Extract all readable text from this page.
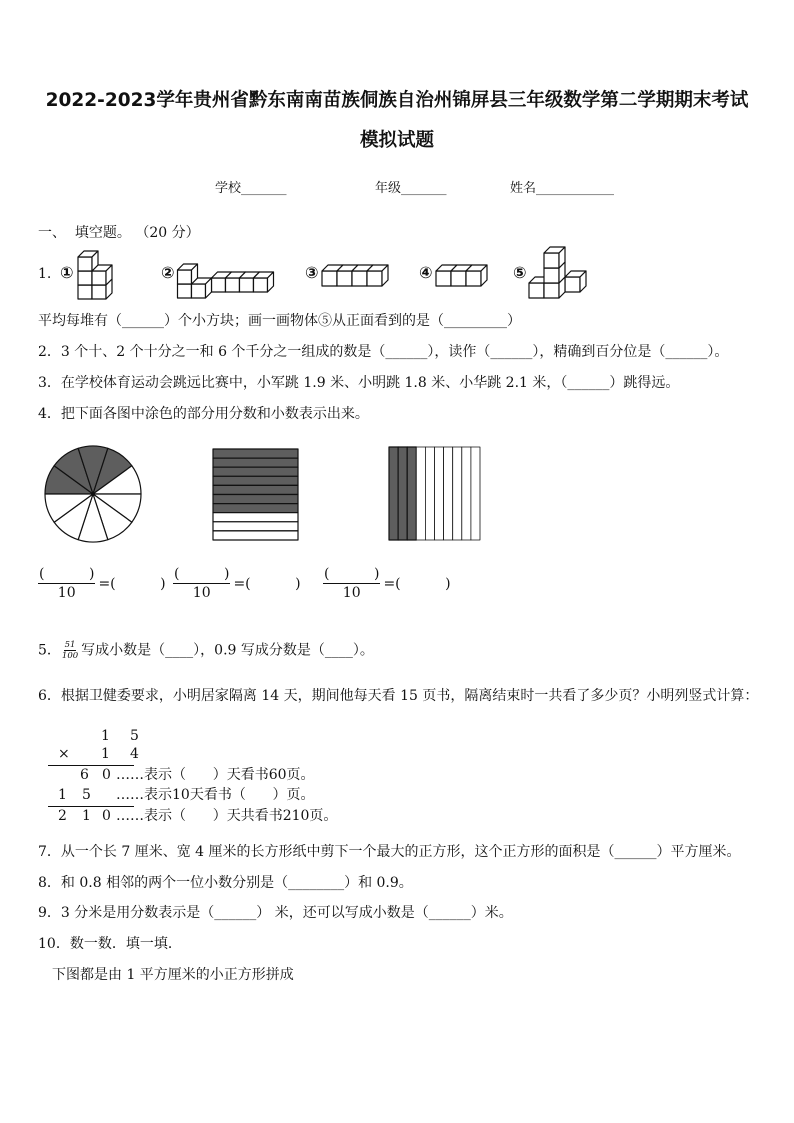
2022-2023学年贵州省黔东南南苗族侗族自治州锦屏县三年级数学第二学期期末考试
模拟试题
学校_______	年级_______	姓名____________
一、  填空题。 （20 分）
1. ①	②	③	④	⑤
平均每堆有（______）个小方块；画一画物体⑤从正面看到的是（_________）
2．3 个十、2 个十分之一和 6 个千分之一组成的数是（______），读作（______），精确到百分位是（______）。
3．在学校体育运动会跳远比赛中，小军跳 1.9 米、小明跳 1.8 米、小华跳 2.1 米，（______）跳得远。
4．把下面各图中涂色的部分用分数和小数表示出来。
$\frac{( )}{10}$ =(          ) $\frac{( )}{10}$ =(          ) $\frac{( )}{10}$ =(          )
5． $\frac{51}{100}$ 写成小数是（____），0.9 写成分数是（____）。
6．根据卫健委要求，小明居家隔离 14 天，期间他每天看 15 页书，隔离结束时一共看了多少页？小明列竖式计算：
1 5
× 1 4
6 0 ……表示（      ）天看书60页。
1 5 ……表示10天看书（      ）页。
2 1 0 ……表示（      ）天共看书210页。
7．从一个长 7 厘米、宽 4 厘米的长方形纸中剪下一个最大的正方形，这个正方形的面积是（______）平方厘米。
8．和 0.8 相邻的两个一位小数分别是（________）和 0.9。
9．3 分米是用分数表示是（______） 米，还可以写成小数是（______）米。
10．数一数．填一填．
下图都是由 1 平方厘米的小正方形拼成
